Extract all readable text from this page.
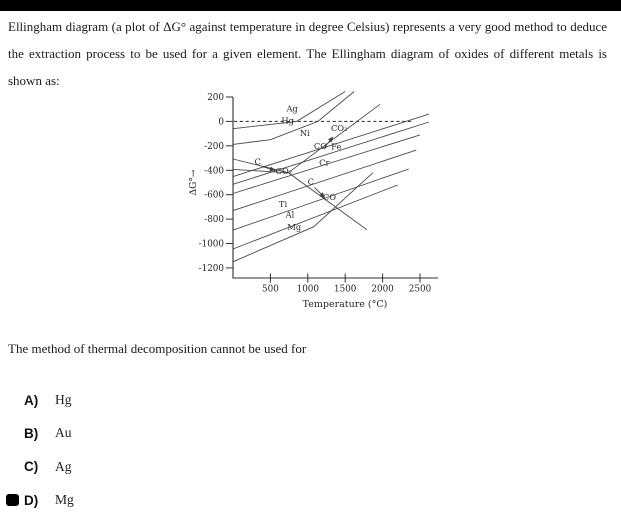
Ellingham diagram (a plot of ΔG° against temperature in degree Celsius) represents a very good method to deduce the extraction process to be used for a given element. The Ellingham diagram of oxides of different metals is shown as:

200
0
-200
-400
-600
-800
-1000
-1200
500 1000 1500 2000 2500
Temperature (°C)
ΔG°→
Ag
Hg
Ni
C
CO₂
CO
CO₂
Fe
Cr
C
CO
Ti
Al
Mg

The method of thermal decomposition cannot be used for

A)	Hg
B)	Au
C)	Ag
D)	Mg
